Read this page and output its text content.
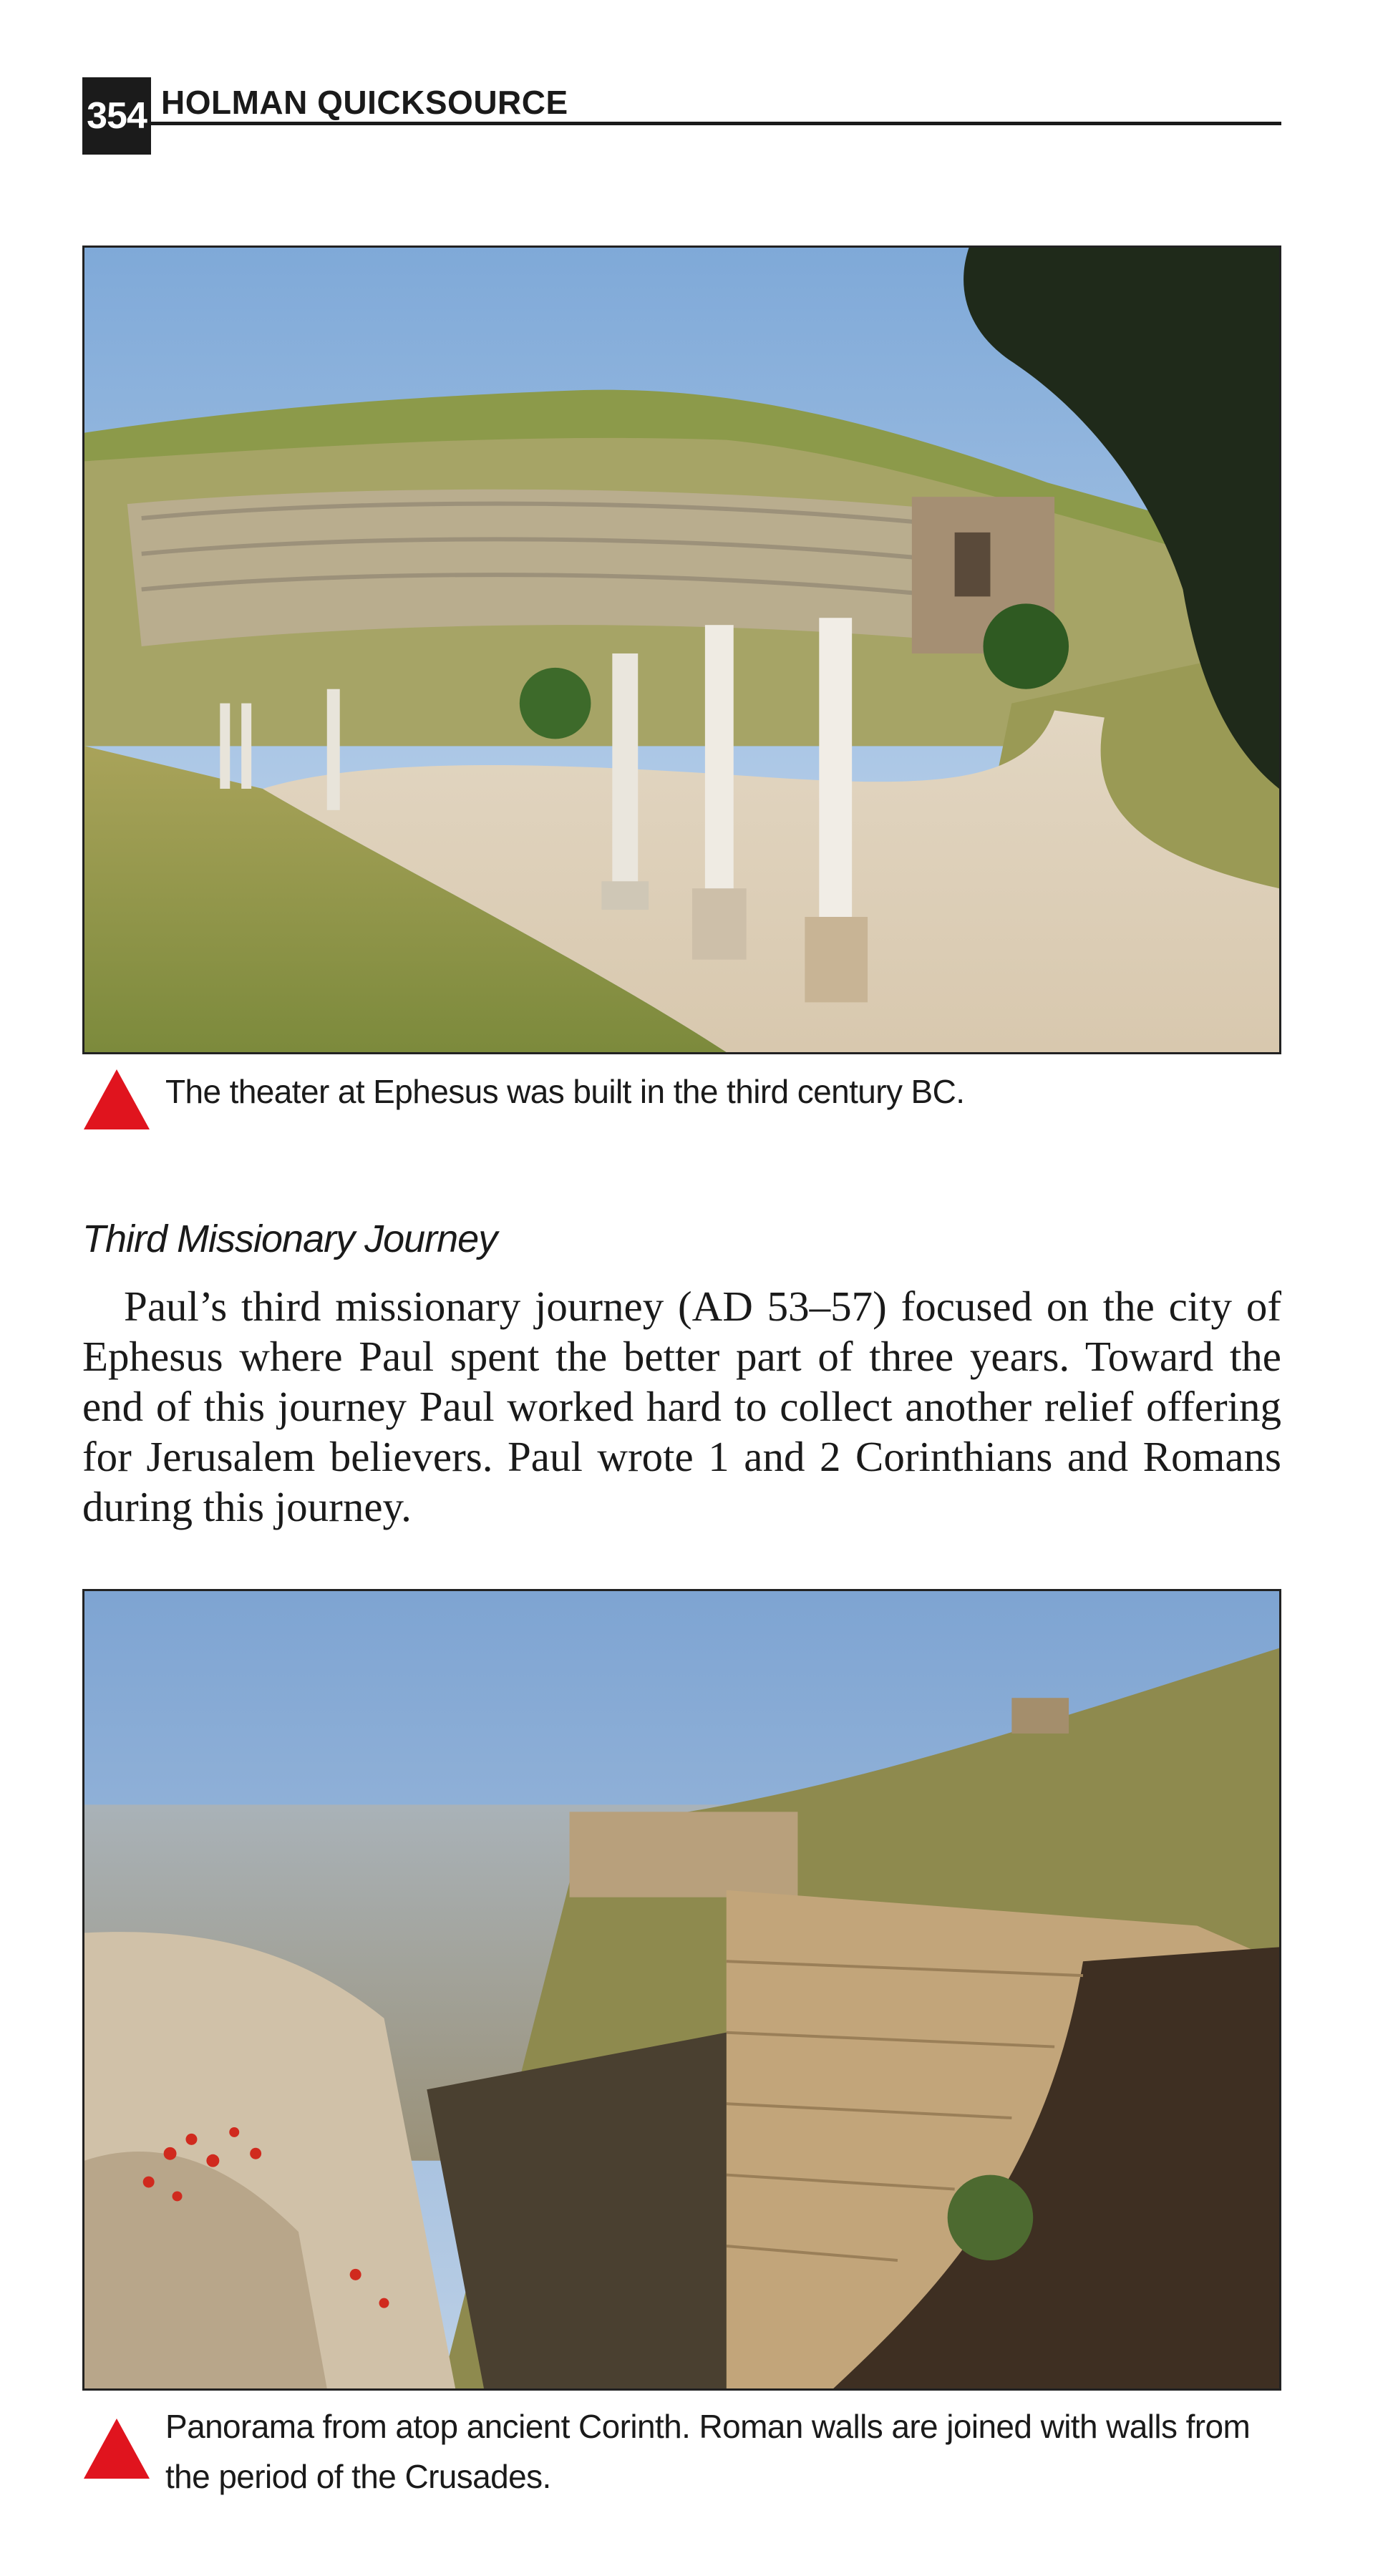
354 HOLMAN QUICKSOURCE
The theater at Ephesus was built in the third century BC.
Third Missionary Journey

Paul’s third missionary journey (AD 53–57) focused on the city of Ephesus where Paul spent the better part of three years. Toward the end of this journey Paul worked hard to collect another relief offering for Jerusalem believers. Paul wrote 1 and 2 Corinthians and Romans during this journey.

Panorama from atop ancient Corinth. Roman walls are joined with walls from the period of the Crusades.
